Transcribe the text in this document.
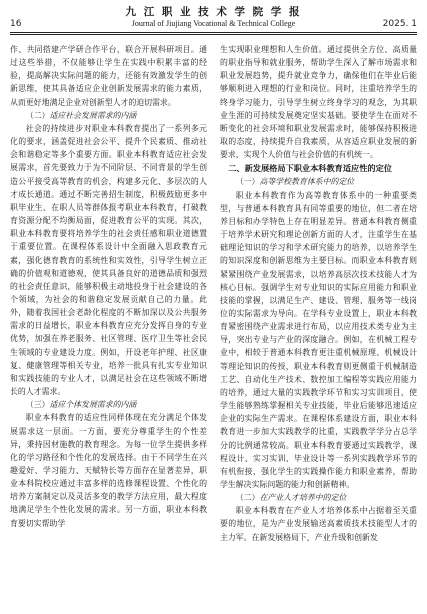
16
九 江 职 业 技 术 学 院 学 报
Journal of Jiujiang Vocational & Technical College	2025. 1

作、共同搭建产学研合作平台，联合开展科研项目。通过这些举措，不仅能够让学生在实践中积累丰富的经验，提高解决实际问题的能力，还能有效激发学生的创新思维，使其具备适应企业创新发展需求的能力素质，从而更好地满足企业对创新型人才的迫切需求。

（二）适应社会发展需求的内涵

社会的持续进步对职业本科教育提出了一系列多元化的要求，涵盖促进社会公平、提升个民素质、推动社会和谐稳定等多个重要方面。职业本科教育适应社会发展需求，首先要致力于为不同阶层、不同背景的学生创造公平接受高等教育的机会，构建多元化、多层次的人才成长通道。通过不断完善招生制度，积极鼓励更多中职毕业生、在职人员等群体报考职业本科教育，打破教育资源分配不均衡局面，促进教育公平的实现。其次，职业本科教育要将培养学生的社会责任感和职业道德置于重要位置。在课程体系设计中全面融入思政教育元素，强化德育教育的系统性和实效性，引导学生树立正确的价值观和道德观，使其具备良好的道德品质和强烈的社会责任意识，能够积极主动地投身于社会建设的各个领域，为社会的和谐稳定发展贡献自己的力量。此外，随着我国社会老龄化程度的不断加深以及公共服务需求的日益增长，职业本科教育应充分发挥自身的专业优势，加强在养老服务、社区管理、医疗卫生等社会民生领域的专业建设力度。例如，开设老年护理、社区康复、健康管理等相关专业，培养一批具有扎实专业知识和实践技能的专业人才，以满足社会在这些领域不断增长的人才需求。

（三）适应个体发展需求的内涵

职业本科教育的适应性同样体现在充分满足个体发展需求这一层面。一方面，要充分尊重学生的个性差异，秉持因材施教的教育理念。为每一位学生提供多样化的学习路径和个性化的发展选择。由于不同学生在兴趣爱好、学习能力、天赋特长等方面存在显著差异，职业本科院校应通过丰富多样的选修课程设置、个性化的培养方案制定以及灵活多变的教学方法应用，最大程度地满足学生个性化发展的需求。另一方面，职业本科教育要切实帮助学

生实现职业理想和人生价值。通过提供全方位、高质量的职业指导和就业服务，帮助学生深入了解市场需求和职业发展趋势，提升就业竞争力，确保他们在毕业后能够顺利进入理想的行业和岗位。同时，注重培养学生的终身学习能力，引导学生树立终身学习的观念，为其职业生涯的可持续发展奠定坚实基础。要使学生在面对不断变化的社会环境和职业发展需求时，能够保持积极进取的态度，持续提升自我素质，从容适应职业发展的新要求，实现个人价值与社会价值的有机统一。

二、新发展格局下职业本科教育适应性的定位

（一）高等学校教育体系中的定位

职业本科教育作为高等教育体系中的一种重要类型，与普通本科教育具有同等重要的地位，但二者在培养目标和办学特色上存在明显差异。普通本科教育侧重于培养学术研究和理论创新方面的人才，注重学生在基础理论知识的学习和学术研究能力的培养，以培养学生的知识深度和创新思维为主要目标。而职业本科教育则紧紧围绕产业发展需求，以培养高层次技术技能人才为核心目标。强调学生对专业知识的实际应用能力和职业技能的掌握，以满足生产、建设、管理、服务等一线岗位的实际需求为导向。在学科专业设置上，职业本科教育紧密围绕产业需求进行布局，以应用技术类专业为主导，突出专业与产业的深度融合。例如，在机械工程专业中，相较于普通本科教育更注重机械原理、机械设计等理论知识的传授，职业本科教育则更侧重于机械制造工艺、自动化生产技术、数控加工编程等实践应用能力的培养，通过大量的实践教学环节和实习实训项目，使学生能够熟练掌握相关专业技能，毕业后能够迅速适应企业的实际生产需求。在课程体系建设方面，职业本科教育进一步加大实践教学的比重，实践教学学分占总学分的比例通常较高。职业本科教育要通过实践教学，课程设计、实习实训、毕业设计等一系列实践教学环节的有机衔接，强化学生的实践操作能力和职业素养，帮助学生解决实际问题的能力和创新精神。

（二）在产业人才培养中的定位

职业本科教育在产业人才培养体系中占据着至关重要的地位，是为产业发展输送高素质技术技能型人才的主力军。在新发展格局下，产业升级和创新发
